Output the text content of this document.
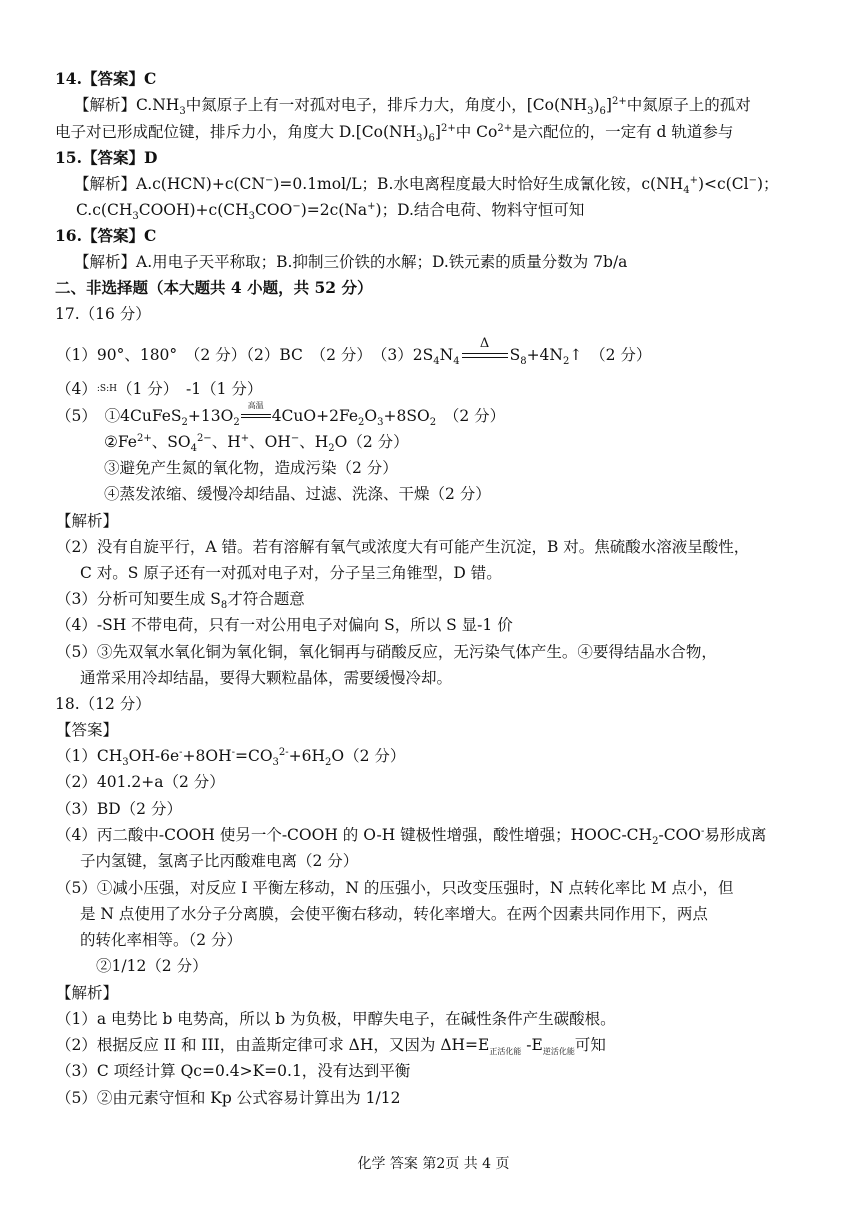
14.【答案】C
【解析】$C.NH_3$中氮原子上有一对孤对电子，排斥力大，角度小，$[Co(NH_3)_6]^{2+}$中氮原子上的孤对
电子对已形成配位键，排斥力小，角度大 $D.[Co(NH_3)_6]^{2+}$中 $Co^{2+}$是六配位的，一定有 d 轨道参与
15.【答案】D
【解析】A.c(HCN)+c(CN−)=0.1mol/L；B.水电离程度最大时恰好生成氰化铵，$c(NH_4^+)<c(Cl^-)$；
$C.c(CH_3COOH)+c(CH_3COO^-)=2c(Na^+)$；D.结合电荷、物料守恒可知
16.【答案】C
【解析】A.用电子天平称取；B.抑制三价铁的水解；D.铁元素的质量分数为 7b/a
二、非选择题（本大题共 4 小题，共 52 分）
17.（16 分）
（1）90°、180°　（2 分）（2）BC　（2 分）　$(3)2S_4N_4$
Δ
$S_8+4N_2↑$　（2 分）
（4）:S:H（1 分）　-1（1 分）
（5）　$①4CuFeS_2+13O_2$
高温
$4CuO+2Fe_2O_3+8SO_2$　（2 分）
$②Fe^{2+}$、$SO_4^{2-}$、H+、OH−、$H_2O(2$ 分）
③避免产生氮的氧化物，造成污染（2 分）
④蒸发浓缩、缓慢冷却结晶、过滤、洗涤、干燥（2 分）
【解析】
（2）没有自旋平行，A 错。若有溶解有氧气或浓度大有可能产生沉淀，B 对。焦硫酸水溶液呈酸性，
C 对。S 原子还有一对孤对电子对，分子呈三角锥型，D 错。
（3）分析可知要生成 $S_8$才符合题意
（4）-SH 不带电荷，只有一对公用电子对偏向 S，所以 S 显-1 价
（5）③先双氧水氧化铜为氧化铜，氧化铜再与硝酸反应，无污染气体产生。④要得结晶水合物，
通常采用冷却结晶，要得大颗粒晶体，需要缓慢冷却。
18.（12 分）
【答案】
$(1)CH_3OH-6e^-+8OH^-=CO_3^{2-}+6H_2O(2$ 分）
（2）401.2+a（2 分）
（3）BD（2 分）
（4）丙二酸中-COOH 使另一个-COOH 的 O-H 键极性增强，酸性增强；HOOC-$CH_2-COO^-$易形成离
子内氢键，氢离子比丙酸难电离（2 分）
（5）①减小压强，对反应 I 平衡左移动，N 的压强小，只改变压强时，N 点转化率比 M 点小，但
是 N 点使用了水分子分离膜，会使平衡右移动，转化率增大。在两个因素共同作用下，两点
的转化率相等。（2 分）
②1/12（2 分）
【解析】
（1）a 电势比 b 电势高，所以 b 为负极，甲醇失电子，在碱性条件产生碳酸根。
（2）根据反应 II 和 III，由盖斯定律可求 ΔH，又因为 $\Delta H=E_{正活化能}$ $-E_{逆活化能}$可知
（3）C 项经计算 Qc=0.4>K=0.1，没有达到平衡
（5）②由元素守恒和 Kp 公式容易计算出为 1/12
化学 答案 第2页 共 4 页
